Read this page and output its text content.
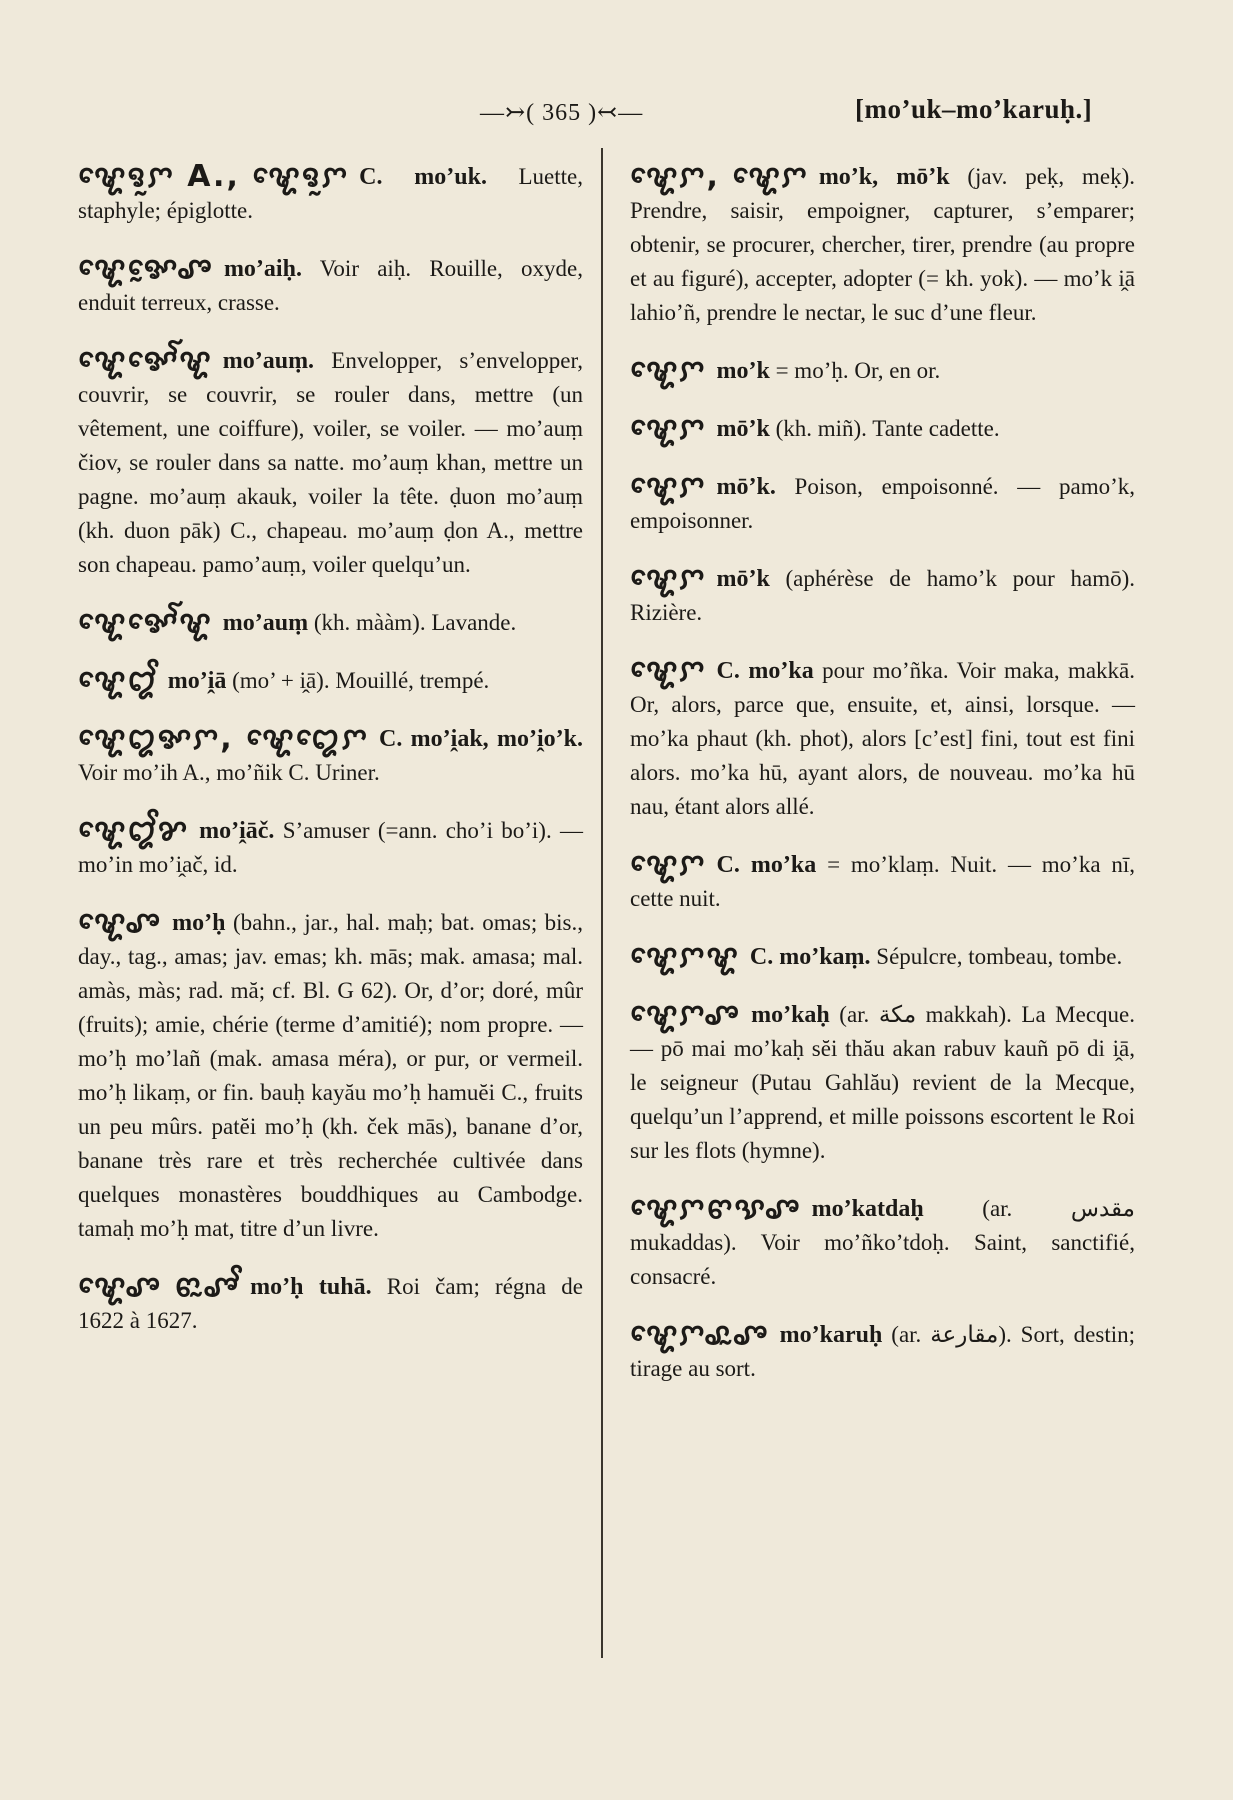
—↣( 365 )↢—	[mo’uk–mo’karuḥ.]
ꨠꨯꨅꨭꨆ A., ꨠꨯꨅꨭꨆ C. mo’uk. Luette, staphyle; épiglotte.
ꨠꨯꨀꨰꨨ mo’aiḥ. Voir aiḥ. Rouille, oxyde, enduit terreux, crasse.
ꨠꨯꨀꨯꨱꨠ mo’auṃ. Envelopper, s’envelopper, couvrir, se couvrir, se rouler dans, mettre (un vêtement, une coiffure), voiler, se voiler. — mo’auṃ čiov, se rouler dans sa natte. mo’auṃ khan, mettre un pagne. mo’auṃ akauk, voiler la tête. ḍuon mo’auṃ (kh. duon pāk) C., chapeau. mo’auṃ ḍon A., mettre son chapeau. pamo’auṃ, voiler quelqu’un.
ꨠꨯꨀꨯꨱꨠ mo’auṃ (kh. mààm). Lavande.
ꨠꨯꨁꨩ mo’i̭ā (mo’ + i̭ā). Mouillé, trempé.
ꨠꨯꨁꨀꨆ, ꨠꨯꨁꨯꨆ C. mo’i̭ak, mo’i̭o’k. Voir mo’ih A., mo’ñik C. Uriner.
ꨠꨯꨁꨩꨌ mo’i̭āč. S’amuser (=ann. cho’i bo’i). — mo’in mo’i̭ač, id.
ꨠꨯꨨ mo’ḥ (bahn., jar., hal. maḥ; bat. omas; bis., day., tag., amas; jav. emas; kh. mās; mak. amasa; mal. amàs, màs; rad. mă; cf. Bl. G 62). Or, d’or; doré, mûr (fruits); amie, chérie (terme d’amitié); nom propre. — mo’ḥ mo’lañ (mak. amasa méra), or pur, or vermeil. mo’ḥ likaṃ, or fin. bauḥ kayău mo’ḥ hamuĕi C., fruits un peu mûrs. patĕi mo’ḥ (kh. ček mās), banane d’or, banane très rare et très recherchée cultivée dans quelques monastères bouddhiques au Cambodge. tamaḥ mo’ḥ mat, titre d’un livre.
ꨠꨯꨨ ꨓꨭꨨꨩ mo’ḥ tuhā. Roi čam; régna de 1622 à 1627.
ꨠꨯꨆ, ꨠꨯꨆ mo’k, mō’k (jav. peḳ, meḳ). Prendre, saisir, empoigner, capturer, s’emparer; obtenir, se procurer, chercher, tirer, prendre (au propre et au figuré), accepter, adopter (= kh. yok). — mo’k i̭ā lahio’ñ, prendre le nectar, le suc d’une fleur.
ꨠꨯꨆ mo’k = mo’ḥ. Or, en or.
ꨠꨯꨆ mō’k (kh. miñ). Tante cadette.
ꨠꨯꨆ mō’k. Poison, empoisonné. — pamo’k, empoisonner.
ꨠꨯꨆ mō’k (aphérèse de hamo’k pour hamō). Rizière.
ꨠꨯꨆ C. mo’ka pour mo’ñka. Voir maka, makkā. Or, alors, parce que, ensuite, et, ainsi, lorsque. — mo’ka phaut (kh. phot), alors [c’est] fini, tout est fini alors. mo’ka hū, ayant alors, de nouveau. mo’ka hū nau, étant alors allé.
ꨠꨯꨆ C. mo’ka = mo’klaṃ. Nuit. — mo’ka nī, cette nuit.
ꨠꨯꨆꨠ C. mo’kaṃ. Sépulcre, tombeau, tombe.
ꨠꨯꨆꨨ mo’kaḥ (ar. مكة makkah). La Mecque. — pō mai mo’kaḥ sĕi thău akan rabuv kauñ pō di i̭ā, le seigneur (Putau Gahlău) revient de la Mecque, quelqu’un l’apprend, et mille poissons escortent le Roi sur les flots (hymne).
ꨠꨯꨆꨓꨕꨨ mo’katdaḥ	(ar. مقدس mukaddas). Voir mo’ñko’tdoḥ. Saint, sanctifié, consacré.
ꨠꨯꨆꨣꨭꨨ mo’karuḥ (ar. مقارعة). Sort, destin; tirage au sort.
